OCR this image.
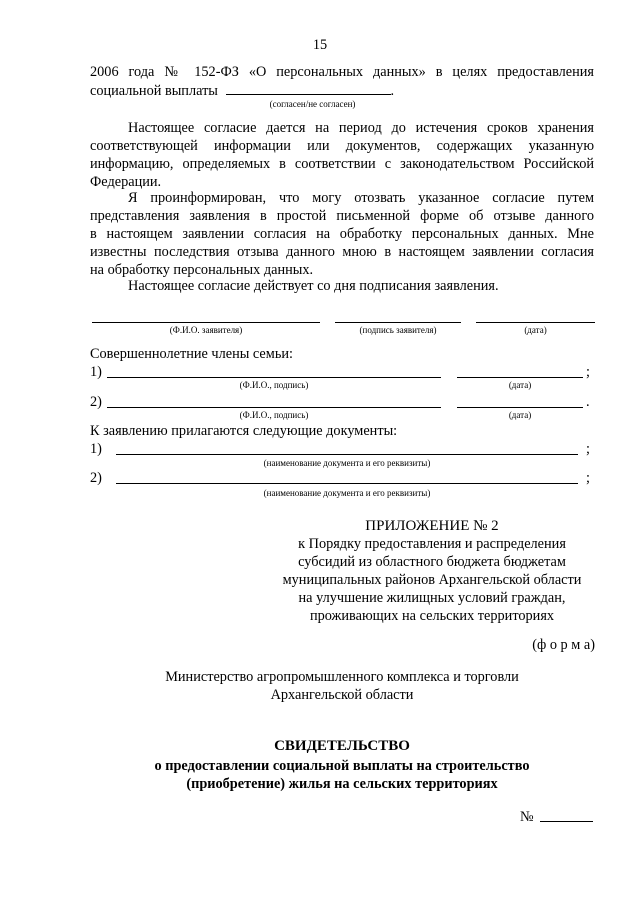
15
2006 года № 152-ФЗ «О персональных данных» в целях предоставления
социальной выплаты	.
(согласен/не согласен)
Настоящее согласие дается на период до истечения сроков хранения
соответствующей информации или документов, содержащих указанную
информацию, определяемых в соответствии с законодательством Российской
Федерации.
Я проинформирован, что могу отозвать указанное согласие путем
представления заявления в простой письменной форме об отзыве данного
в настоящем заявлении согласия на обработку персональных данных. Мне
известны последствия отзыва данного мною в настоящем заявлении согласия
на обработку персональных данных.
Настоящее согласие действует со дня подписания заявления.
(Ф.И.О. заявителя)	(подпись заявителя)	(дата)
Совершеннолетние члены семьи:
1)	;
(Ф.И.О., подпись)	(дата)
2)	.
(Ф.И.О., подпись)	(дата)
К заявлению прилагаются следующие документы:
1)	;
(наименование документа и его реквизиты)
2)	;
(наименование документа и его реквизиты)
ПРИЛОЖЕНИЕ № 2
к Порядку предоставления и распределения
субсидий из областного бюджета бюджетам
муниципальных районов Архангельской области
на улучшение жилищных условий граждан,
проживающих на сельских территориях
(ф о р м а)
Министерство агропромышленного комплекса и торговли
Архангельской области
СВИДЕТЕЛЬСТВО
о предоставлении социальной выплаты на строительство
(приобретение) жилья на сельских территориях
№
